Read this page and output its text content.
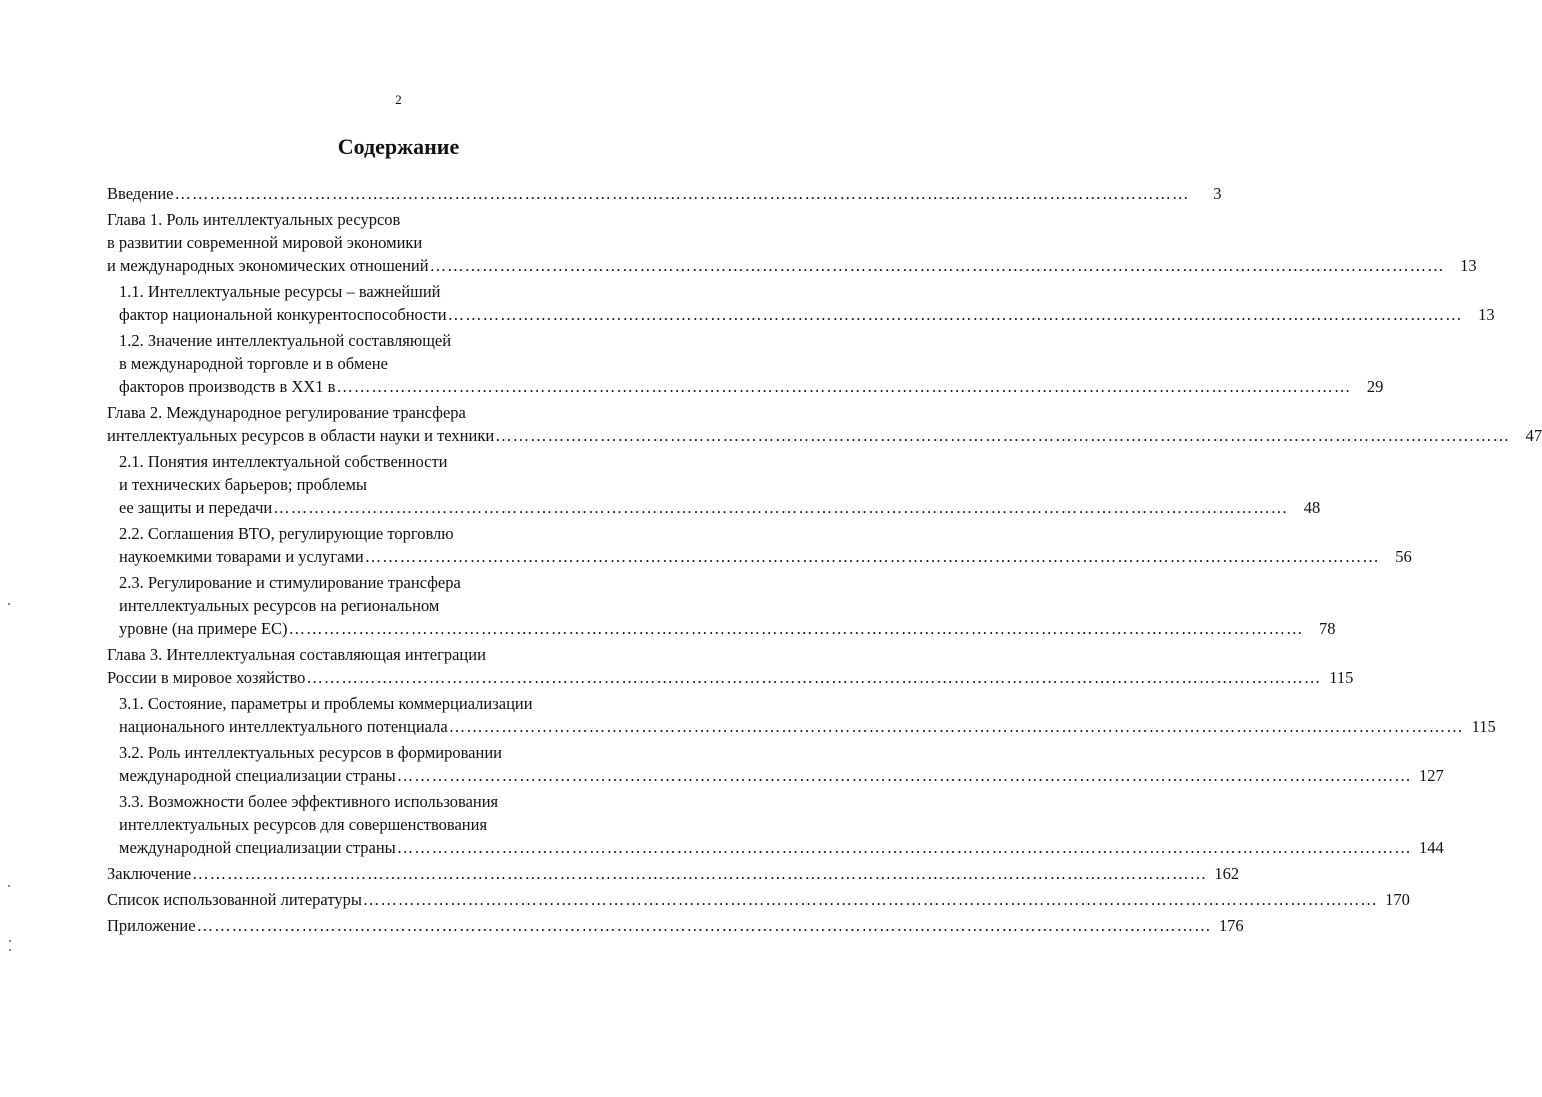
2
Содержание
Введение …………………………………………………………………………………………………………………………………………………………	3
Глава 1. Роль интеллектуальных ресурсов
в развитии современной мировой экономики
и международных экономических отношений ………………………………………………………………………………………………………………………………………………………… 13
1.1. Интеллектуальные ресурсы – важнейший
фактор национальной конкурентоспособности ………………………………………………………………………………………………………………………………………………………… 13
1.2. Значение интеллектуальной составляющей
в международной торговле и в обмене
факторов производств в XX1 в ………………………………………………………………………………………………………………………………………………………… 29
Глава 2. Международное регулирование трансфера
интеллектуальных ресурсов в области науки и техники ………………………………………………………………………………………………………………………………………………………… 47
2.1. Понятия интеллектуальной собственности
и технических барьеров; проблемы
ее защиты и передачи ………………………………………………………………………………………………………………………………………………………… 48
2.2. Соглашения ВТО, регулирующие торговлю
наукоемкими товарами и услугами ………………………………………………………………………………………………………………………………………………………… 56
2.3. Регулирование и стимулирование трансфера
интеллектуальных ресурсов на региональном
уровне (на примере ЕС) ………………………………………………………………………………………………………………………………………………………… 78
Глава 3. Интеллектуальная составляющая интеграции
России в мировое хозяйство ………………………………………………………………………………………………………………………………………………………… 115
3.1. Состояние, параметры и проблемы коммерциализации
национального интеллектуального потенциала ………………………………………………………………………………………………………………………………………………………… 115
3.2. Роль интеллектуальных ресурсов в формировании
международной специализации страны ………………………………………………………………………………………………………………………………………………………… 127
3.3. Возможности более эффективного использования
интеллектуальных ресурсов для совершенствования
международной специализации страны ………………………………………………………………………………………………………………………………………………………… 144
Заключение ………………………………………………………………………………………………………………………………………………………… 162
Список использованной литературы ………………………………………………………………………………………………………………………………………………………… 170
Приложение ………………………………………………………………………………………………………………………………………………………… 176
